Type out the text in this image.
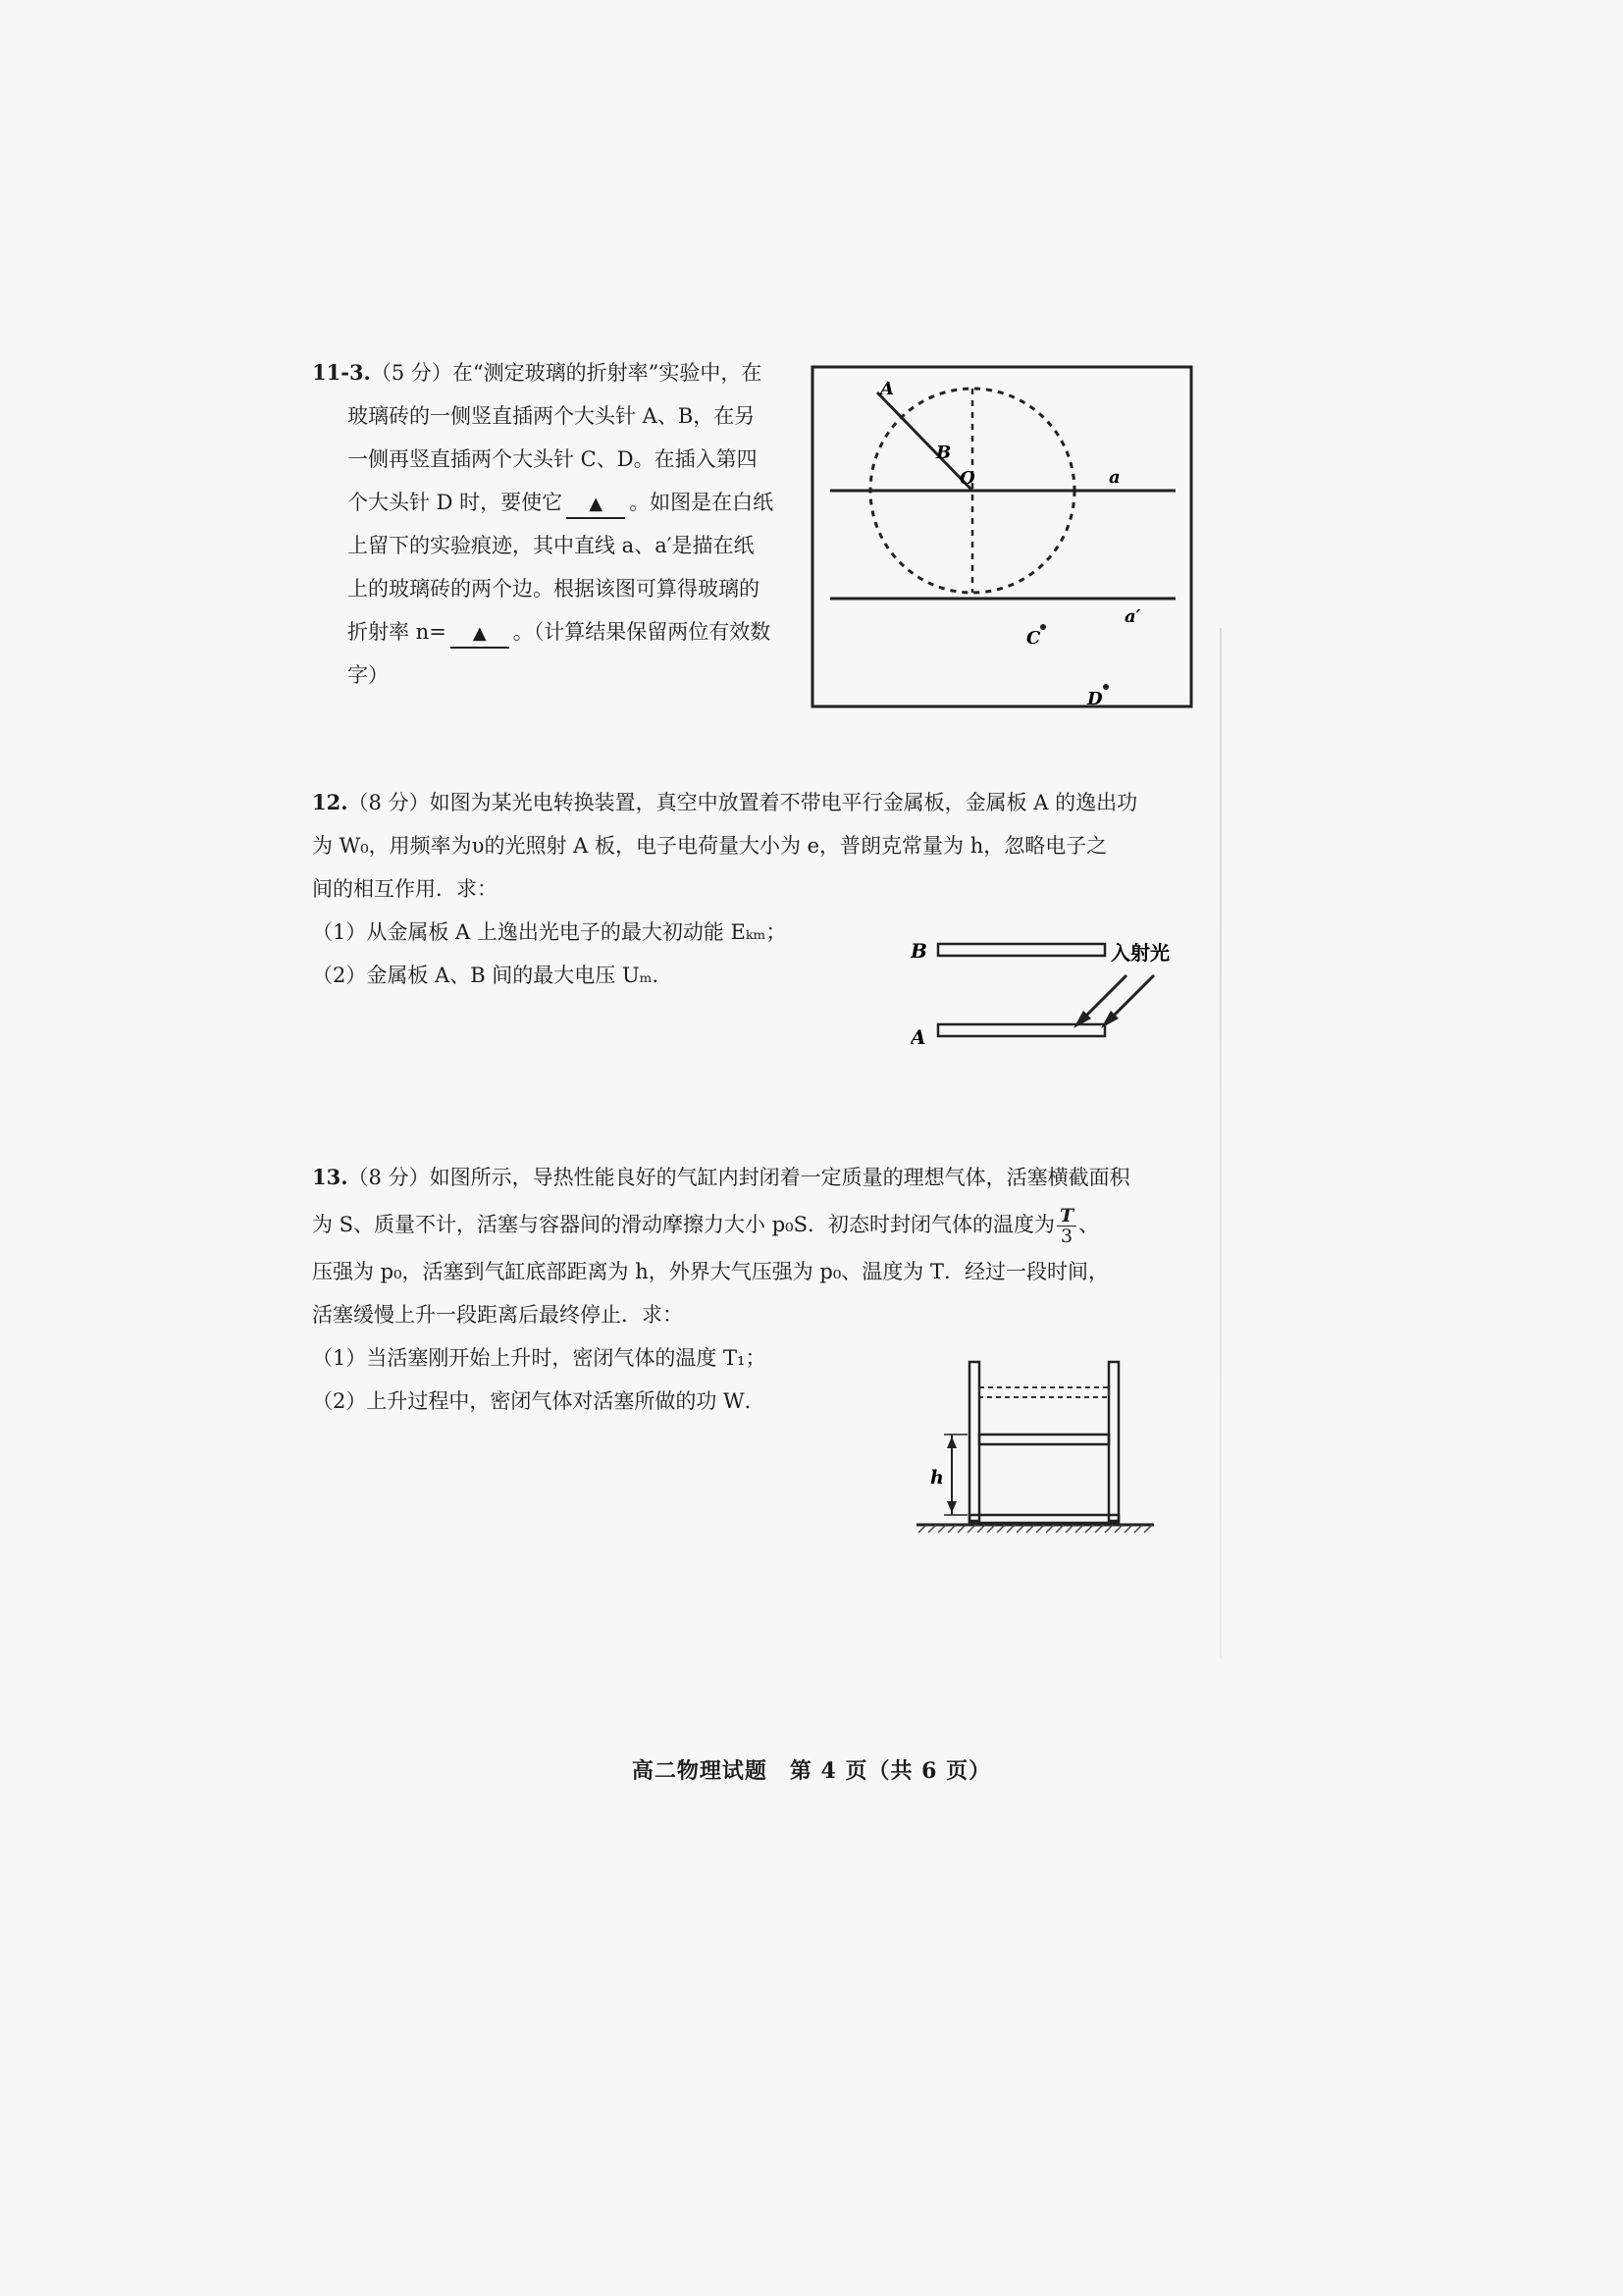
11-3.（5 分）在“测定玻璃的折射率”实验中，在
玻璃砖的一侧竖直插两个大头针 A、B，在另
一侧再竖直插两个大头针 C、D。在插入第四
个大头针 D 时，要使它 ▲ 。如图是在白纸
上留下的实验痕迹，其中直线 a、a′是描在纸
上的玻璃砖的两个边。根据该图可算得玻璃的
折射率 n= ▲ 。（计算结果保留两位有效数
字）
A
B
O	a
a′
C
D
12.（8 分）如图为某光电转换装置，真空中放置着不带电平行金属板，金属板 A 的逸出功
为 W₀，用频率为υ的光照射 A 板，电子电荷量大小为 e，普朗克常量为 h，忽略电子之
间的相互作用．求：
（1）从金属板 A 上逸出光电子的最大初动能 Eₖₘ；
（2）金属板 A、B 间的最大电压 Uₘ．
B	入射光
A
13.（8 分）如图所示，导热性能良好的气缸内封闭着一定质量的理想气体，活塞横截面积
为 S、质量不计，活塞与容器间的滑动摩擦力大小 p₀S．初态时封闭气体的温度为 $\frac{T}{3}$ 、
压强为 p₀，活塞到气缸底部距离为 h，外界大气压强为 p₀、温度为 T．经过一段时间，
活塞缓慢上升一段距离后最终停止．求：
（1）当活塞刚开始上升时，密闭气体的温度 T₁；
（2）上升过程中，密闭气体对活塞所做的功 W．
h
高二物理试题　第 4 页（共 6 页）
